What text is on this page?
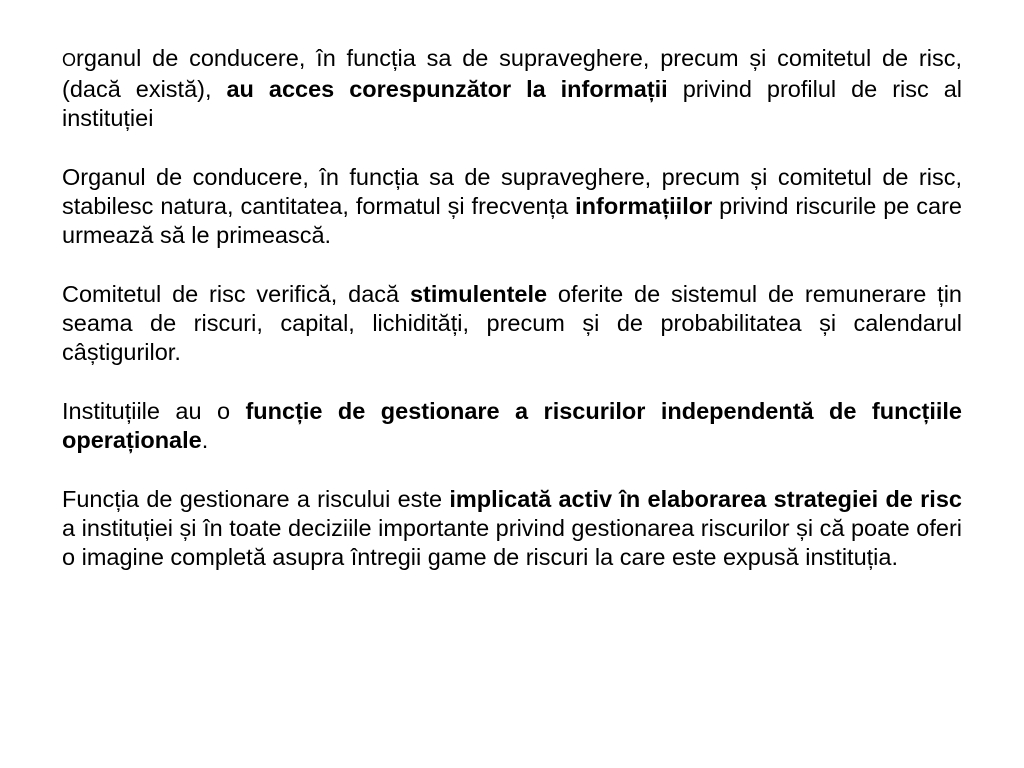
Organul de conducere, în funcția sa de supraveghere, precum și comitetul de risc, (dacă există), au acces corespunzător la informații privind profilul de risc al instituției

Organul de conducere, în funcția sa de supraveghere, precum și comitetul de risc, stabilesc natura, cantitatea, formatul și frecvența informațiilor privind riscurile pe care urmează să le primească.

Comitetul de risc verifică, dacă stimulentele oferite de sistemul de remunerare țin seama de riscuri, capital, lichidități, precum și de probabilitatea și calendarul câștigurilor.

Instituțiile au o funcție de gestionare a riscurilor independentă de funcțiile operaționale.

Funcția de gestionare a riscului este implicată activ în elaborarea strategiei de risc a instituției și în toate deciziile importante privind gestionarea riscurilor și că poate oferi o imagine completă asupra întregii game de riscuri la care este expusă instituția.
